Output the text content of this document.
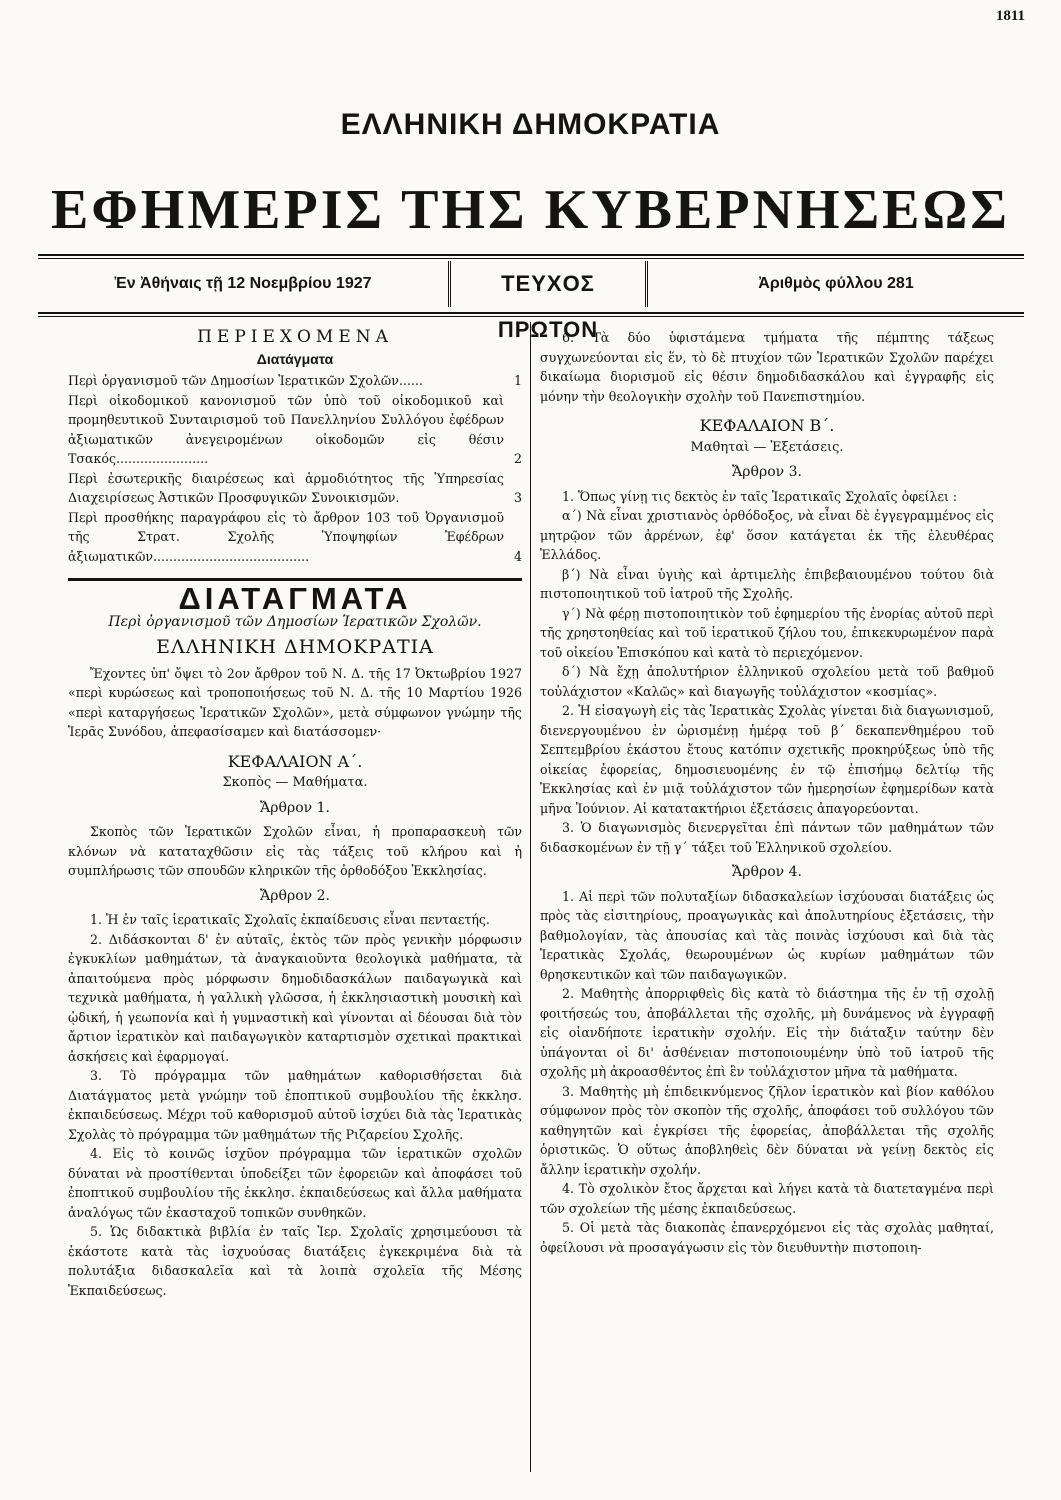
1811
ΕΛΛΗΝΙΚΗ ΔΗΜΟΚΡΑΤΙΑ
ΕΦΗΜΕΡΙΣ ΤΗΣ ΚΥΒΕΡΝΗΣΕΩΣ
Ἐν Ἀθήναις τῇ 12 Νοεμβρίου 1927	ΤΕΥΧΟΣ ΠΡΩΤΟΝ
Ἀριθμὸς φύλλου 281
ΠΕΡΙΕΧΟΜΕΝΑ
Διατάγματα
Περὶ ὀργανισμοῦ τῶν Δημοσίων Ἱερατικῶν Σχολῶν......	1
Περὶ οἰκοδομικοῦ κανονισμοῦ τῶν ὑπὸ τοῦ οἰκοδομικοῦ καὶ προμηθευτικοῦ Συνταιρισμοῦ τοῦ Πανελληνίου Συλλόγου ἐφέδρων ἀξιωματικῶν ἀνεγειρομένων οἰκοδομῶν εἰς θέσιν Τσακός.......................	2
Περὶ ἐσωτερικῆς διαιρέσεως καὶ ἁρμοδιότητος τῆς Ὑπηρεσίας Διαχειρίσεως Ἀστικῶν Προσφυγικῶν Συνοικισμῶν.	3
Περὶ προσθήκης παραγράφου εἰς τὸ ἄρθρον 103 τοῦ Ὀργανισμοῦ τῆς Στρατ. Σχολῆς Ὑποψηφίων Ἐφέδρων ἀξιωματικῶν.......................................	4
ΔΙΑΤΑΓΜΑΤΑ
Περὶ ὀργανισμοῦ τῶν Δημοσίων Ἱερατικῶν Σχολῶν.
ΕΛΛΗΝΙΚΗ ΔΗΜΟΚΡΑΤΙΑ

Ἔχοντες ὑπ' ὄψει τὸ 2ον ἄρθρον τοῦ Ν. Δ. τῆς 17 Ὀκτωβρίου 1927 «περὶ κυρώσεως καὶ τροποποιήσεως τοῦ Ν. Δ. τῆς 10 Μαρτίου 1926 «περὶ καταργήσεως Ἱερατικῶν Σχολῶν», μετὰ σύμφωνον γνώμην τῆς Ἱερᾶς Συνόδου, ἀπεφασίσαμεν καὶ διατάσσομεν·

ΚΕΦΑΛΑΙΟΝ Α΄.
Σκοπὸς — Μαθήματα.
Ἄρθρον 1.

Σκοπὸς τῶν Ἱερατικῶν Σχολῶν εἶναι, ἡ προπαρασκευὴ τῶν κλόνων νὰ καταταχθῶσιν εἰς τὰς τάξεις τοῦ κλήρου καὶ ἡ συμπλήρωσις τῶν σπουδῶν κληρικῶν τῆς ὀρθοδόξου Ἐκκλησίας.

Ἄρθρον 2.

1. Ἡ ἐν ταῖς ἱερατικαῖς Σχολαῖς ἐκπαίδευσις εἶναι πενταετής.

2. Διδάσκονται δ' ἐν αὐταῖς, ἐκτὸς τῶν πρὸς γενικὴν μόρφωσιν ἐγκυκλίων μαθημάτων, τὰ ἀναγκαιοῦντα θεολογικὰ μαθήματα, τὰ ἀπαιτούμενα πρὸς μόρφωσιν δημοδιδασκάλων παιδαγωγικὰ καὶ τεχνικὰ μαθήματα, ἡ γαλλικὴ γλῶσσα, ἡ ἐκκλησιαστικὴ μουσικὴ καὶ ᾠδική, ἡ γεωπονία καὶ ἡ γυμναστικὴ καὶ γίνονται αἱ δέουσαι διὰ τὸν ἄρτιον ἱερατικὸν καὶ παιδαγωγικὸν καταρτισμὸν σχετικαὶ πρακτικαὶ ἀσκήσεις καὶ ἐφαρμογαί.

3. Τὸ πρόγραμμα τῶν μαθημάτων καθορισθήσεται διὰ Διατάγματος μετὰ γνώμην τοῦ ἐποπτικοῦ συμβουλίου τῆς ἐκκλησ. ἐκπαιδεύσεως. Μέχρι τοῦ καθορισμοῦ αὐτοῦ ἰσχύει διὰ τὰς Ἱερατικὰς Σχολὰς τὸ πρόγραμμα τῶν μαθημάτων τῆς Ριζαρείου Σχολῆς.

4. Εἰς τὸ κοινῶς ἰσχῦον πρόγραμμα τῶν ἱερατικῶν σχολῶν δύναται νὰ προστίθενται ὑποδείξει τῶν ἐφορειῶν καὶ ἀποφάσει τοῦ ἐποπτικοῦ συμβουλίου τῆς ἐκκλησ. ἐκπαιδεύσεως καὶ ἄλλα μαθήματα ἀναλόγως τῶν ἑκασταχοῦ τοπικῶν συνθηκῶν.

5. Ὡς διδακτικὰ βιβλία ἐν ταῖς Ἱερ. Σχολαῖς χρησιμεύουσι τὰ ἑκάστοτε κατὰ τὰς ἰσχυούσας διατάξεις ἐγκεκριμένα διὰ τὰ πολυτάξια διδασκαλεῖα καὶ τὰ λοιπὰ σχολεῖα τῆς Μέσης Ἐκπαιδεύσεως.

6. Τὰ δύο ὑφιστάμενα τμήματα τῆς πέμπτης τάξεως συγχωνεύονται εἰς ἕν, τὸ δὲ πτυχίον τῶν Ἱερατικῶν Σχολῶν παρέχει δικαίωμα διορισμοῦ εἰς θέσιν δημοδιδασκάλου καὶ ἐγγραφῆς εἰς μόνην τὴν θεολογικὴν σχολὴν τοῦ Πανεπιστημίου.

ΚΕΦΑΛΑΙΟΝ Β΄.
Μαθηταὶ — Ἐξετάσεις.
Ἄρθρον 3.

1. Ὅπως γίνῃ τις δεκτὸς ἐν ταῖς Ἱερατικαῖς Σχολαῖς ὀφείλει :

α΄) Νὰ εἶναι χριστιανὸς ὀρθόδοξος, νὰ εἶναι δὲ ἐγγεγραμμένος εἰς μητρῷον τῶν ἀρρένων, ἐφ' ὅσον κατάγεται ἐκ τῆς ἐλευθέρας Ἑλλάδος.

β΄) Νὰ εἶναι ὑγιὴς καὶ ἀρτιμελὴς ἐπιβεβαιουμένου τούτου διὰ πιστοποιητικοῦ τοῦ ἰατροῦ τῆς Σχολῆς.

γ΄) Νὰ φέρῃ πιστοποιητικὸν τοῦ ἐφημερίου τῆς ἐνορίας αὐτοῦ περὶ τῆς χρηστοηθείας καὶ τοῦ ἱερατικοῦ ζήλου του, ἐπικεκυρωμένον παρὰ τοῦ οἰκείου Ἐπισκόπου καὶ κατὰ τὸ περιεχόμενον.

δ΄) Νὰ ἔχῃ ἀπολυτήριον ἑλληνικοῦ σχολείου μετὰ τοῦ βαθμοῦ τοὐλάχιστον «Καλῶς» καὶ διαγωγῆς τοὐλάχιστον «κοσμίας».

2. Ἡ εἰσαγωγὴ εἰς τὰς Ἱερατικὰς Σχολὰς γίνεται διὰ διαγωνισμοῦ, διενεργουμένου ἐν ὡρισμένῃ ἡμέρᾳ τοῦ β΄ δεκαπενθημέρου τοῦ Σεπτεμβρίου ἑκάστου ἔτους κατόπιν σχετικῆς προκηρύξεως ὑπὸ τῆς οἰκείας ἐφορείας, δημοσιευομένης ἐν τῷ ἐπισήμῳ δελτίῳ τῆς Ἐκκλησίας καὶ ἐν μιᾷ τοὐλάχιστον τῶν ἡμερησίων ἐφημερίδων κατὰ μῆνα Ἰούνιον. Αἱ κατατακτήριοι ἐξετάσεις ἀπαγορεύονται.

3. Ὁ διαγωνισμὸς διενεργεῖται ἐπὶ πάντων τῶν μαθημάτων τῶν διδασκομένων ἐν τῇ γ΄ τάξει τοῦ Ἑλληνικοῦ σχολείου.

Ἄρθρον 4.

1. Αἱ περὶ τῶν πολυταξίων διδασκαλείων ἰσχύουσαι διατάξεις ὡς πρὸς τὰς εἰσιτηρίους, προαγωγικὰς καὶ ἀπολυτηρίους ἐξετάσεις, τὴν βαθμολογίαν, τὰς ἀπουσίας καὶ τὰς ποινὰς ἰσχύουσι καὶ διὰ τὰς Ἱερατικὰς Σχολάς, θεωρουμένων ὡς κυρίων μαθημάτων τῶν θρησκευτικῶν καὶ τῶν παιδαγωγικῶν.

2. Μαθητὴς ἀπορριφθεὶς δὶς κατὰ τὸ διάστημα τῆς ἐν τῇ σχολῇ φοιτήσεώς του, ἀποβάλλεται τῆς σχολῆς, μὴ δυνάμενος νὰ ἐγγραφῇ εἰς οἱανδήποτε ἱερατικὴν σχολήν. Εἰς τὴν διάταξιν ταύτην δὲν ὑπάγονται οἱ δι' ἀσθένειαν πιστοποιουμένην ὑπὸ τοῦ ἰατροῦ τῆς σχολῆς μὴ ἀκροασθέντος ἐπὶ ἓν τοὐλάχιστον μῆνα τὰ μαθήματα.

3. Μαθητὴς μὴ ἐπιδεικνύμενος ζῆλον ἱερατικὸν καὶ βίον καθόλου σύμφωνον πρὸς τὸν σκοπὸν τῆς σχολῆς, ἀποφάσει τοῦ συλλόγου τῶν καθηγητῶν καὶ ἐγκρίσει τῆς ἐφορείας, ἀποβάλλεται τῆς σχολῆς ὁριστικῶς. Ὁ οὕτως ἀποβληθεὶς δὲν δύναται νὰ γείνῃ δεκτὸς εἰς ἄλλην ἱερατικὴν σχολήν.

4. Τὸ σχολικὸν ἔτος ἄρχεται καὶ λήγει κατὰ τὰ διατεταγμένα περὶ τῶν σχολείων τῆς μέσης ἐκπαιδεύσεως.

5. Οἱ μετὰ τὰς διακοπὰς ἐπανερχόμενοι εἰς τὰς σχολὰς μαθηταί, ὀφείλουσι νὰ προσαγάγωσιν εἰς τὸν διευθυντὴν πιστοποιη-
